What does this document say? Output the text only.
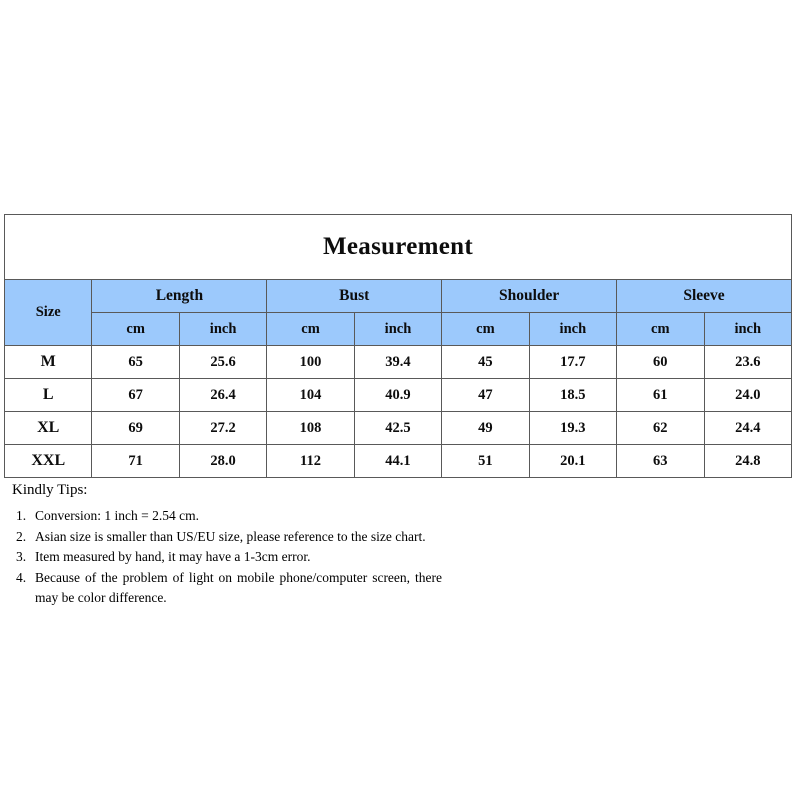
Measurement								
Size	Length		Bust		Shoulder		Sleeve	
	cm	inch	cm	inch	cm	inch	cm	inch
M	65	25.6	100	39.4	45	17.7	60	23.6
L	67	26.4	104	40.9	47	18.5	61	24.0
XL	69	27.2	108	42.5	49	19.3	62	24.4
XXL	71	28.0	112	44.1	51	20.1	63	24.8
Kindly Tips:
1. Conversion: 1 inch = 2.54 cm.
2. Asian size is smaller than US/EU size, please reference to the size chart.
3. Item measured by hand, it may have a 1-3cm error.
4. Because of the problem of light on mobile phone/computer screen, there may be color difference.
